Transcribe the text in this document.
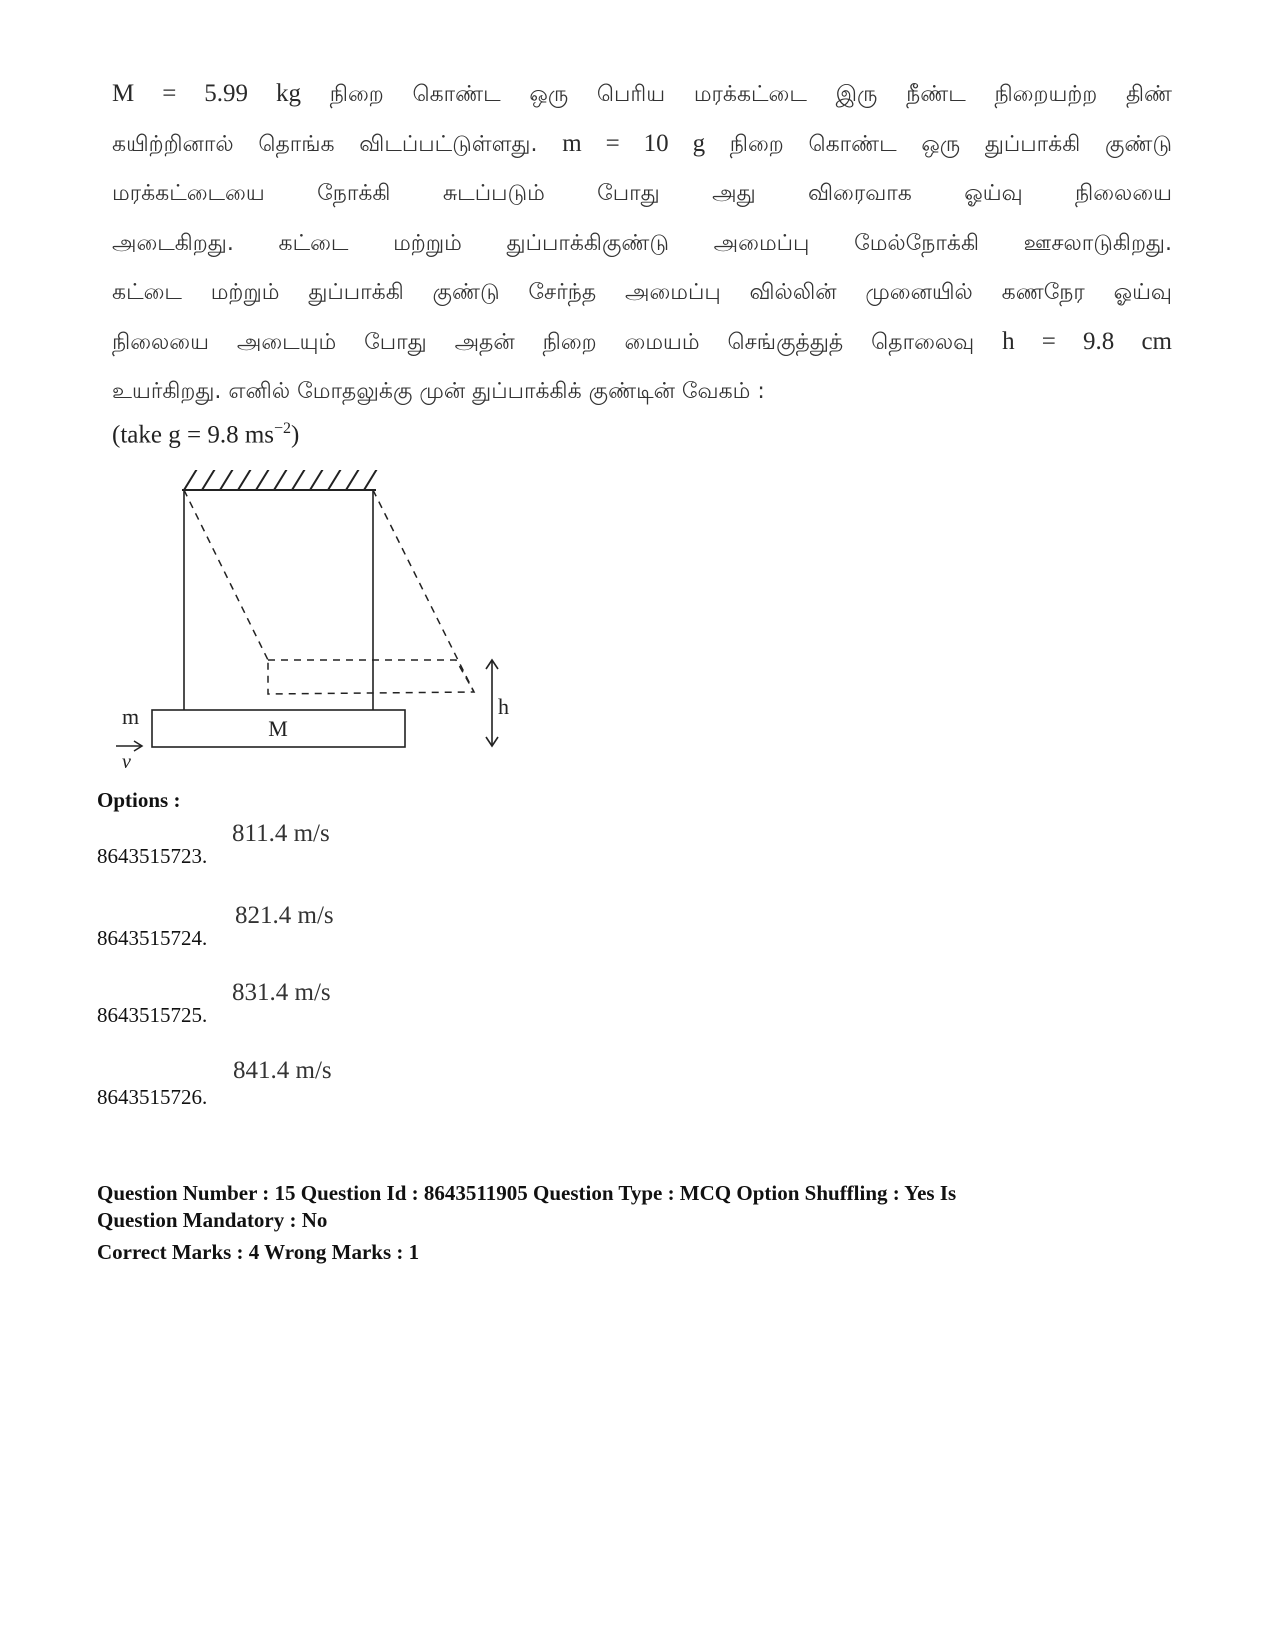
M = 5.99 kg நிறை கொண்ட ஒரு பெரிய மரக்கட்டை இரு நீண்ட நிறையற்ற திண்
கயிற்றினால் தொங்க விடப்பட்டுள்ளது. m = 10 g நிறை கொண்ட ஒரு துப்பாக்கி குண்டு
மரக்கட்டையை நோக்கி சுடப்படும் போது அது விரைவாக ஓய்வு நிலையை
அடைகிறது. கட்டை மற்றும் துப்பாக்கிகுண்டு அமைப்பு மேல்நோக்கி ஊசலாடுகிறது.
கட்டை மற்றும் துப்பாக்கி குண்டு சேர்ந்த அமைப்பு வில்லின் முனையில் கணநேர ஓய்வு
நிலையை அடையும் போது அதன் நிறை மையம் செங்குத்துத் தொலைவு h = 9.8 cm
உயர்கிறது. எனில் மோதலுக்கு முன் துப்பாக்கிக் குண்டின் வேகம் :
(take g = 9.8 $ms^{-2}$)
M
m
v
h
Options :
8643515723.
811.4 m/s
8643515724.
821.4 m/s
8643515725.
831.4 m/s
8643515726.
841.4 m/s
Question Number : 15 Question Id : 8643511905 Question Type : MCQ Option Shuffling : Yes Is
Question Mandatory : No
Correct Marks : 4 Wrong Marks : 1
